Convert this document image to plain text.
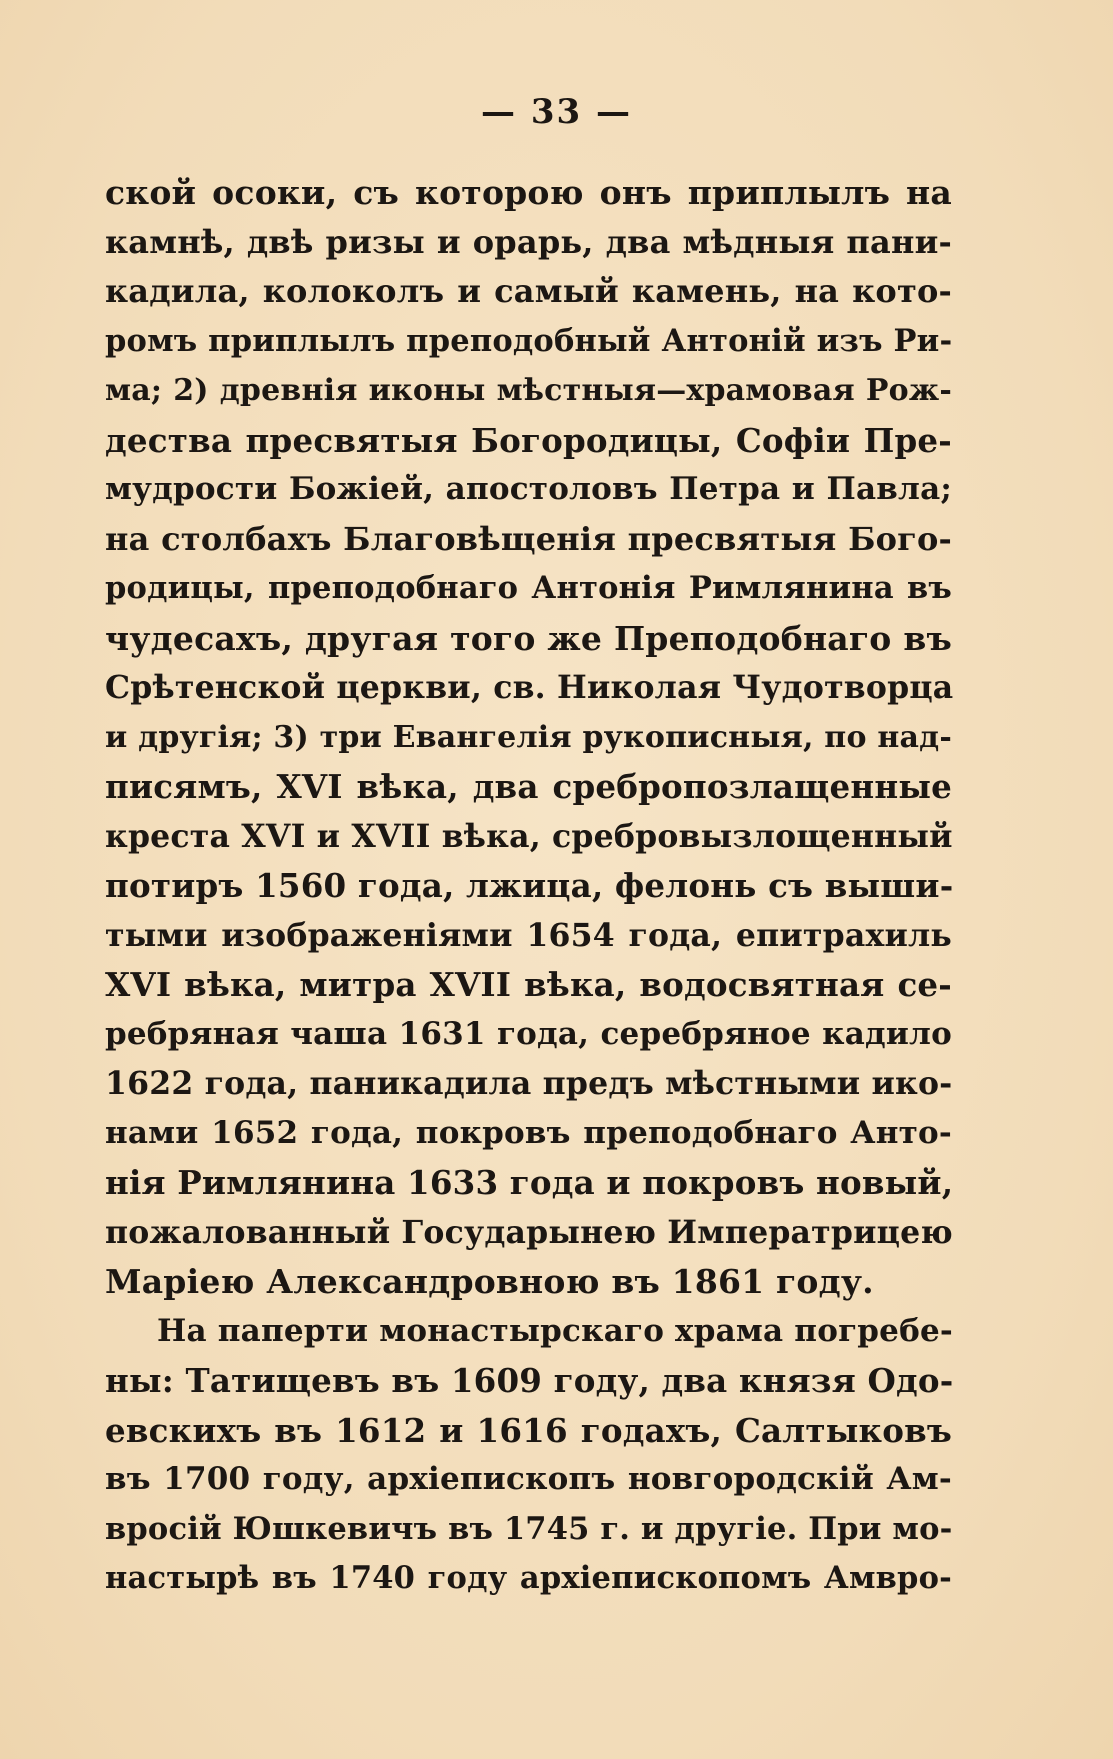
— 33 —
ской осоки, съ которою онъ приплылъ на
камнѣ, двѣ ризы и орарь, два мѣдныя пани-
кадила, колоколъ и самый камень, на кото-
ромъ приплылъ преподобный Антоній изъ Ри-
ма; 2) древнія иконы мѣстныя—храмовая Рож-
дества пресвятыя Богородицы, Софіи Пре-
мудрости Божіей, апостоловъ Петра и Павла;
на столбахъ Благовѣщенія пресвятыя Бого-
родицы, преподобнаго Антонія Римлянина въ
чудесахъ, другая того же Преподобнаго въ
Срѣтенской церкви, св. Николая Чудотворца
и другія; 3) три Евангелія рукописныя, по над-
писямъ, XVI вѣка, два сребропозлащенные
креста XVI и XVII вѣка, сребровызлощенный
потиръ 1560 года, лжица, фелонь съ выши-
тыми изображеніями 1654 года, епитрахиль
XVI вѣка, митра XVII вѣка, водосвятная се-
ребряная чаша 1631 года, серебряное кадило
1622 года, паникадила предъ мѣстными ико-
нами 1652 года, покровъ преподобнаго Анто-
нія Римлянина 1633 года и покровъ новый,
пожалованный Государынею Императрицею
Маріею Александровною въ 1861 году.
На паперти монастырскаго храма погребе-
ны: Татищевъ въ 1609 году, два князя Одо-
евскихъ въ 1612 и 1616 годахъ, Салтыковъ
въ 1700 году, архіепископъ новгородскій Ам-
вросій Юшкевичъ въ 1745 г. и другіе. При мо-
настырѣ въ 1740 году архіепископомъ Амвро-
